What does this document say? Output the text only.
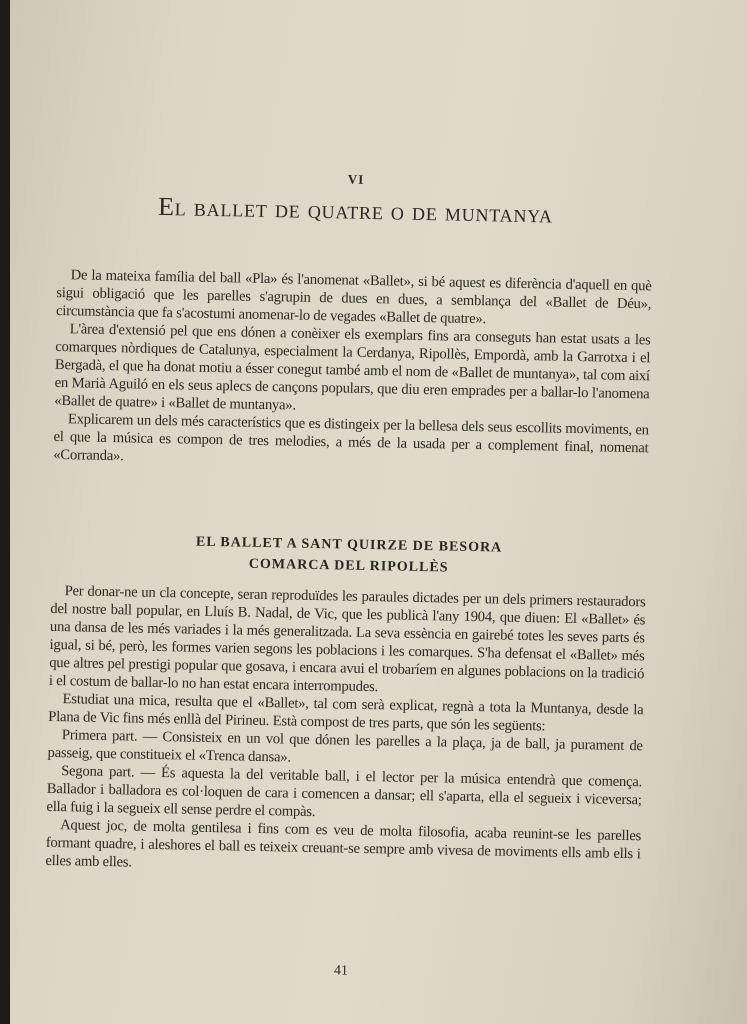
VI
El ballet de quatre o de muntanya

De la mateixa família del ball «Pla» és l'anomenat «Ballet», si bé aquest es diferència d'aquell en què sigui obligació que les parelles s'agrupin de dues en dues, a semblança del «Ballet de Déu», circumstància que fa s'acostumi anomenar-lo de vegades «Ballet de quatre».

L'àrea d'extensió pel que ens dónen a conèixer els exemplars fins ara conseguts han estat usats a les comarques nòrdiques de Catalunya, especialment la Cerdanya, Ripollès, Empordà, amb la Garrotxa i el Bergadà, el que ha donat motiu a ésser conegut també amb el nom de «Ballet de muntanya», tal com així en Marià Aguiló en els seus aplecs de cançons populars, que diu eren emprades per a ballar-lo l'anomena «Ballet de quatre» i «Ballet de muntanya».

Explicarem un dels més característics que es distingeix per la bellesa dels seus escollits moviments, en el que la música es compon de tres melodies, a més de la usada per a complement final, nomenat «Corranda».

EL BALLET A SANT QUIRZE DE BESORA
COMARCA DEL RIPOLLÈS

Per donar-ne un cla concepte, seran reproduïdes les paraules dictades per un dels primers restauradors del nostre ball popular, en Lluís B. Nadal, de Vic, que les publicà l'any 1904, que diuen: El «Ballet» és una dansa de les més variades i la més generalitzada. La seva essència en gairebé totes les seves parts és igual, si bé, però, les formes varien segons les poblacions i les comarques. S'ha defensat el «Ballet» més que altres pel prestigi popular que gosava, i encara avui el trobaríem en algunes poblacions on la tradició i el costum de ballar-lo no han estat encara interrompudes.

Estudiat una mica, resulta que el «Ballet», tal com serà explicat, regnà a tota la Muntanya, desde la Plana de Vic fins més enllà del Pirineu. Està compost de tres parts, que són les següents:

Primera part. — Consisteix en un vol que dónen les parelles a la plaça, ja de ball, ja purament de passeig, que constitueix el «Trenca dansa».

Segona part. — És aquesta la del veritable ball, i el lector per la música entendrà que comença. Ballador i balladora es col·loquen de cara i comencen a dansar; ell s'aparta, ella el segueix i viceversa; ella fuig i la segueix ell sense perdre el compàs.

Aquest joc, de molta gentilesa i fins com es veu de molta filosofia, acaba reunint-se les parelles formant quadre, i aleshores el ball es teixeix creuant-se sempre amb vivesa de moviments ells amb ells i elles amb elles.

41
